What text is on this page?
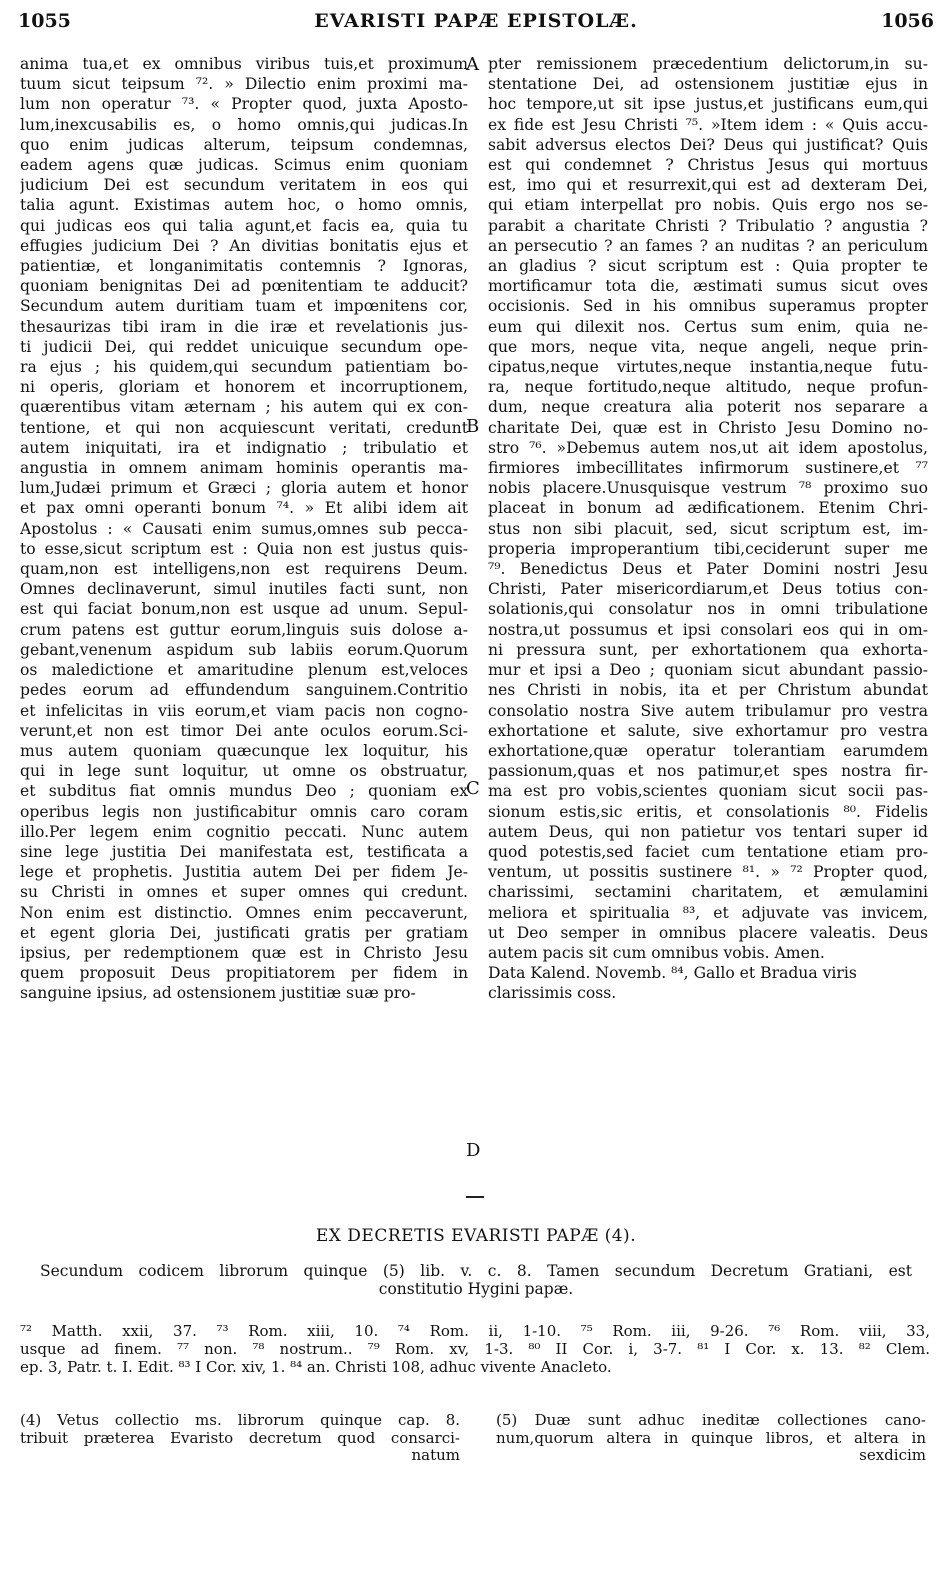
1055	EVARISTI PAPÆ EPISTOLÆ.	1056
anima tua,et ex omnibus viribus tuis,et proximum
tuum sicut teipsum ⁷². » Dilectio enim proximi ma-
lum non operatur ⁷³. « Propter quod, juxta Aposto-
lum,inexcusabilis es, o homo omnis,qui judicas.In
quo enim judicas alterum, teipsum condemnas,
eadem agens quæ judicas. Scimus enim quoniam
judicium Dei est secundum veritatem in eos qui
talia agunt. Existimas autem hoc, o homo omnis,
qui judicas eos qui talia agunt,et facis ea, quia tu
effugies judicium Dei ? An divitias bonitatis ejus et
patientiæ, et longanimitatis contemnis ? Ignoras,
quoniam benignitas Dei ad pœnitentiam te adducit?
Secundum autem duritiam tuam et impœnitens cor,
thesaurizas tibi iram in die iræ et revelationis jus-
ti judicii Dei, qui reddet unicuique secundum ope-
ra ejus ; his quidem,qui secundum patientiam bo-
ni operis, gloriam et honorem et incorruptionem,
quærentibus vitam æternam ; his autem qui ex con-
tentione, et qui non acquiescunt veritati, credunt
autem iniquitati, ira et indignatio ; tribulatio et
angustia in omnem animam hominis operantis ma-
lum,Judæi primum et Græci ; gloria autem et honor
et pax omni operanti bonum ⁷⁴. » Et alibi idem ait
Apostolus : « Causati enim sumus,omnes sub pecca-
to esse,sicut scriptum est : Quia non est justus quis-
quam,non est intelligens,non est requirens Deum.
Omnes declinaverunt, simul inutiles facti sunt, non
est qui faciat bonum,non est usque ad unum. Sepul-
crum patens est guttur eorum,linguis suis dolose a-
gebant,venenum aspidum sub labiis eorum.Quorum
os maledictione et amaritudine plenum est,veloces
pedes eorum ad effundendum sanguinem.Contritio
et infelicitas in viis eorum,et viam pacis non cogno-
verunt,et non est timor Dei ante oculos eorum.Sci-
mus autem quoniam quæcunque lex loquitur, his
qui in lege sunt loquitur, ut omne os obstruatur,
et subditus fiat omnis mundus Deo ; quoniam ex
operibus legis non justificabitur omnis caro coram
illo.Per legem enim cognitio peccati. Nunc autem
sine lege justitia Dei manifestata est, testificata a
lege et prophetis. Justitia autem Dei per fidem Je-
su Christi in omnes et super omnes qui credunt.
Non enim est distinctio. Omnes enim peccaverunt,
et egent gloria Dei, justificati gratis per gratiam
ipsius, per redemptionem quæ est in Christo Jesu
quem proposuit Deus propitiatorem per fidem in
sanguine ipsius, ad ostensionem justitiæ suæ pro-
pter remissionem præcedentium delictorum,in su-
stentatione Dei, ad ostensionem justitiæ ejus in
hoc tempore,ut sit ipse justus,et justificans eum,qui
ex fide est Jesu Christi ⁷⁵. »Item idem : « Quis accu-
sabit adversus electos Dei? Deus qui justificat? Quis
est qui condemnet ? Christus Jesus qui mortuus
est, imo qui et resurrexit,qui est ad dexteram Dei,
qui etiam interpellat pro nobis. Quis ergo nos se-
parabit a charitate Christi ? Tribulatio ? angustia ?
an persecutio ? an fames ? an nuditas ? an periculum
an gladius ? sicut scriptum est : Quia propter te
mortificamur tota die, æstimati sumus sicut oves
occisionis. Sed in his omnibus superamus propter
eum qui dilexit nos. Certus sum enim, quia ne-
que mors, neque vita, neque angeli, neque prin-
cipatus,neque virtutes,neque instantia,neque futu-
ra, neque fortitudo,neque altitudo, neque profun-
dum, neque creatura alia poterit nos separare a
charitate Dei, quæ est in Christo Jesu Domino no-
stro ⁷⁶. »Debemus autem nos,ut ait idem apostolus,
firmiores imbecillitates infirmorum sustinere,et ⁷⁷
nobis placere.Unusquisque vestrum ⁷⁸ proximo suo
placeat in bonum ad ædificationem. Etenim Chri-
stus non sibi placuit, sed, sicut scriptum est, im-
properia improperantium tibi,ceciderunt super me
⁷⁹. Benedictus Deus et Pater Domini nostri Jesu
Christi, Pater misericordiarum,et Deus totius con-
solationis,qui consolatur nos in omni tribulatione
nostra,ut possumus et ipsi consolari eos qui in om-
ni pressura sunt, per exhortationem qua exhorta-
mur et ipsi a Deo ; quoniam sicut abundant passio-
nes Christi in nobis, ita et per Christum abundat
consolatio nostra Sive autem tribulamur pro vestra
exhortatione et salute, sive exhortamur pro vestra
exhortatione,quæ operatur tolerantiam earumdem
passionum,quas et nos patimur,et spes nostra fir-
ma est pro vobis,scientes quoniam sicut socii pas-
sionum estis,sic eritis, et consolationis ⁸⁰. Fidelis
autem Deus, qui non patietur vos tentari super id
quod potestis,sed faciet cum tentatione etiam pro-
ventum, ut possitis sustinere ⁸¹. » ⁷² Propter quod,
charissimi, sectamini charitatem, et æmulamini
meliora et spiritualia ⁸³, et adjuvate vas invicem,
ut Deo semper in omnibus placere valeatis. Deus
autem pacis sit cum omnibus vobis. Amen.
Data Kalend. Novemb. ⁸⁴, Gallo et Bradua viris
clarissimis coss.
A
B
C
D
EX DECRETIS EVARISTI PAPÆ (4).
Secundum codicem librorum quinque (5) lib. v. c. 8. Tamen secundum Decretum Gratiani, est
constitutio Hygini papæ.
⁷² Matth. xxii, 37. ⁷³ Rom. xiii, 10. ⁷⁴ Rom. ii, 1-10. ⁷⁵ Rom. iii, 9-26. ⁷⁶ Rom. viii, 33,
usque ad finem. ⁷⁷ non. ⁷⁸ nostrum.. ⁷⁹ Rom. xv, 1-3. ⁸⁰ II Cor. i, 3-7. ⁸¹ I Cor. x. 13. ⁸² Clem.
ep. 3, Patr. t. I. Edit. ⁸³ I Cor. xiv, 1. ⁸⁴ an. Christi 108, adhuc vivente Anacleto.
(4) Vetus collectio ms. librorum quinque cap. 8.
tribuit præterea Evaristo decretum quod consarci-
natum
(5) Duæ sunt adhuc ineditæ collectiones cano-
num,quorum altera in quinque libros, et altera in
sexdicim
